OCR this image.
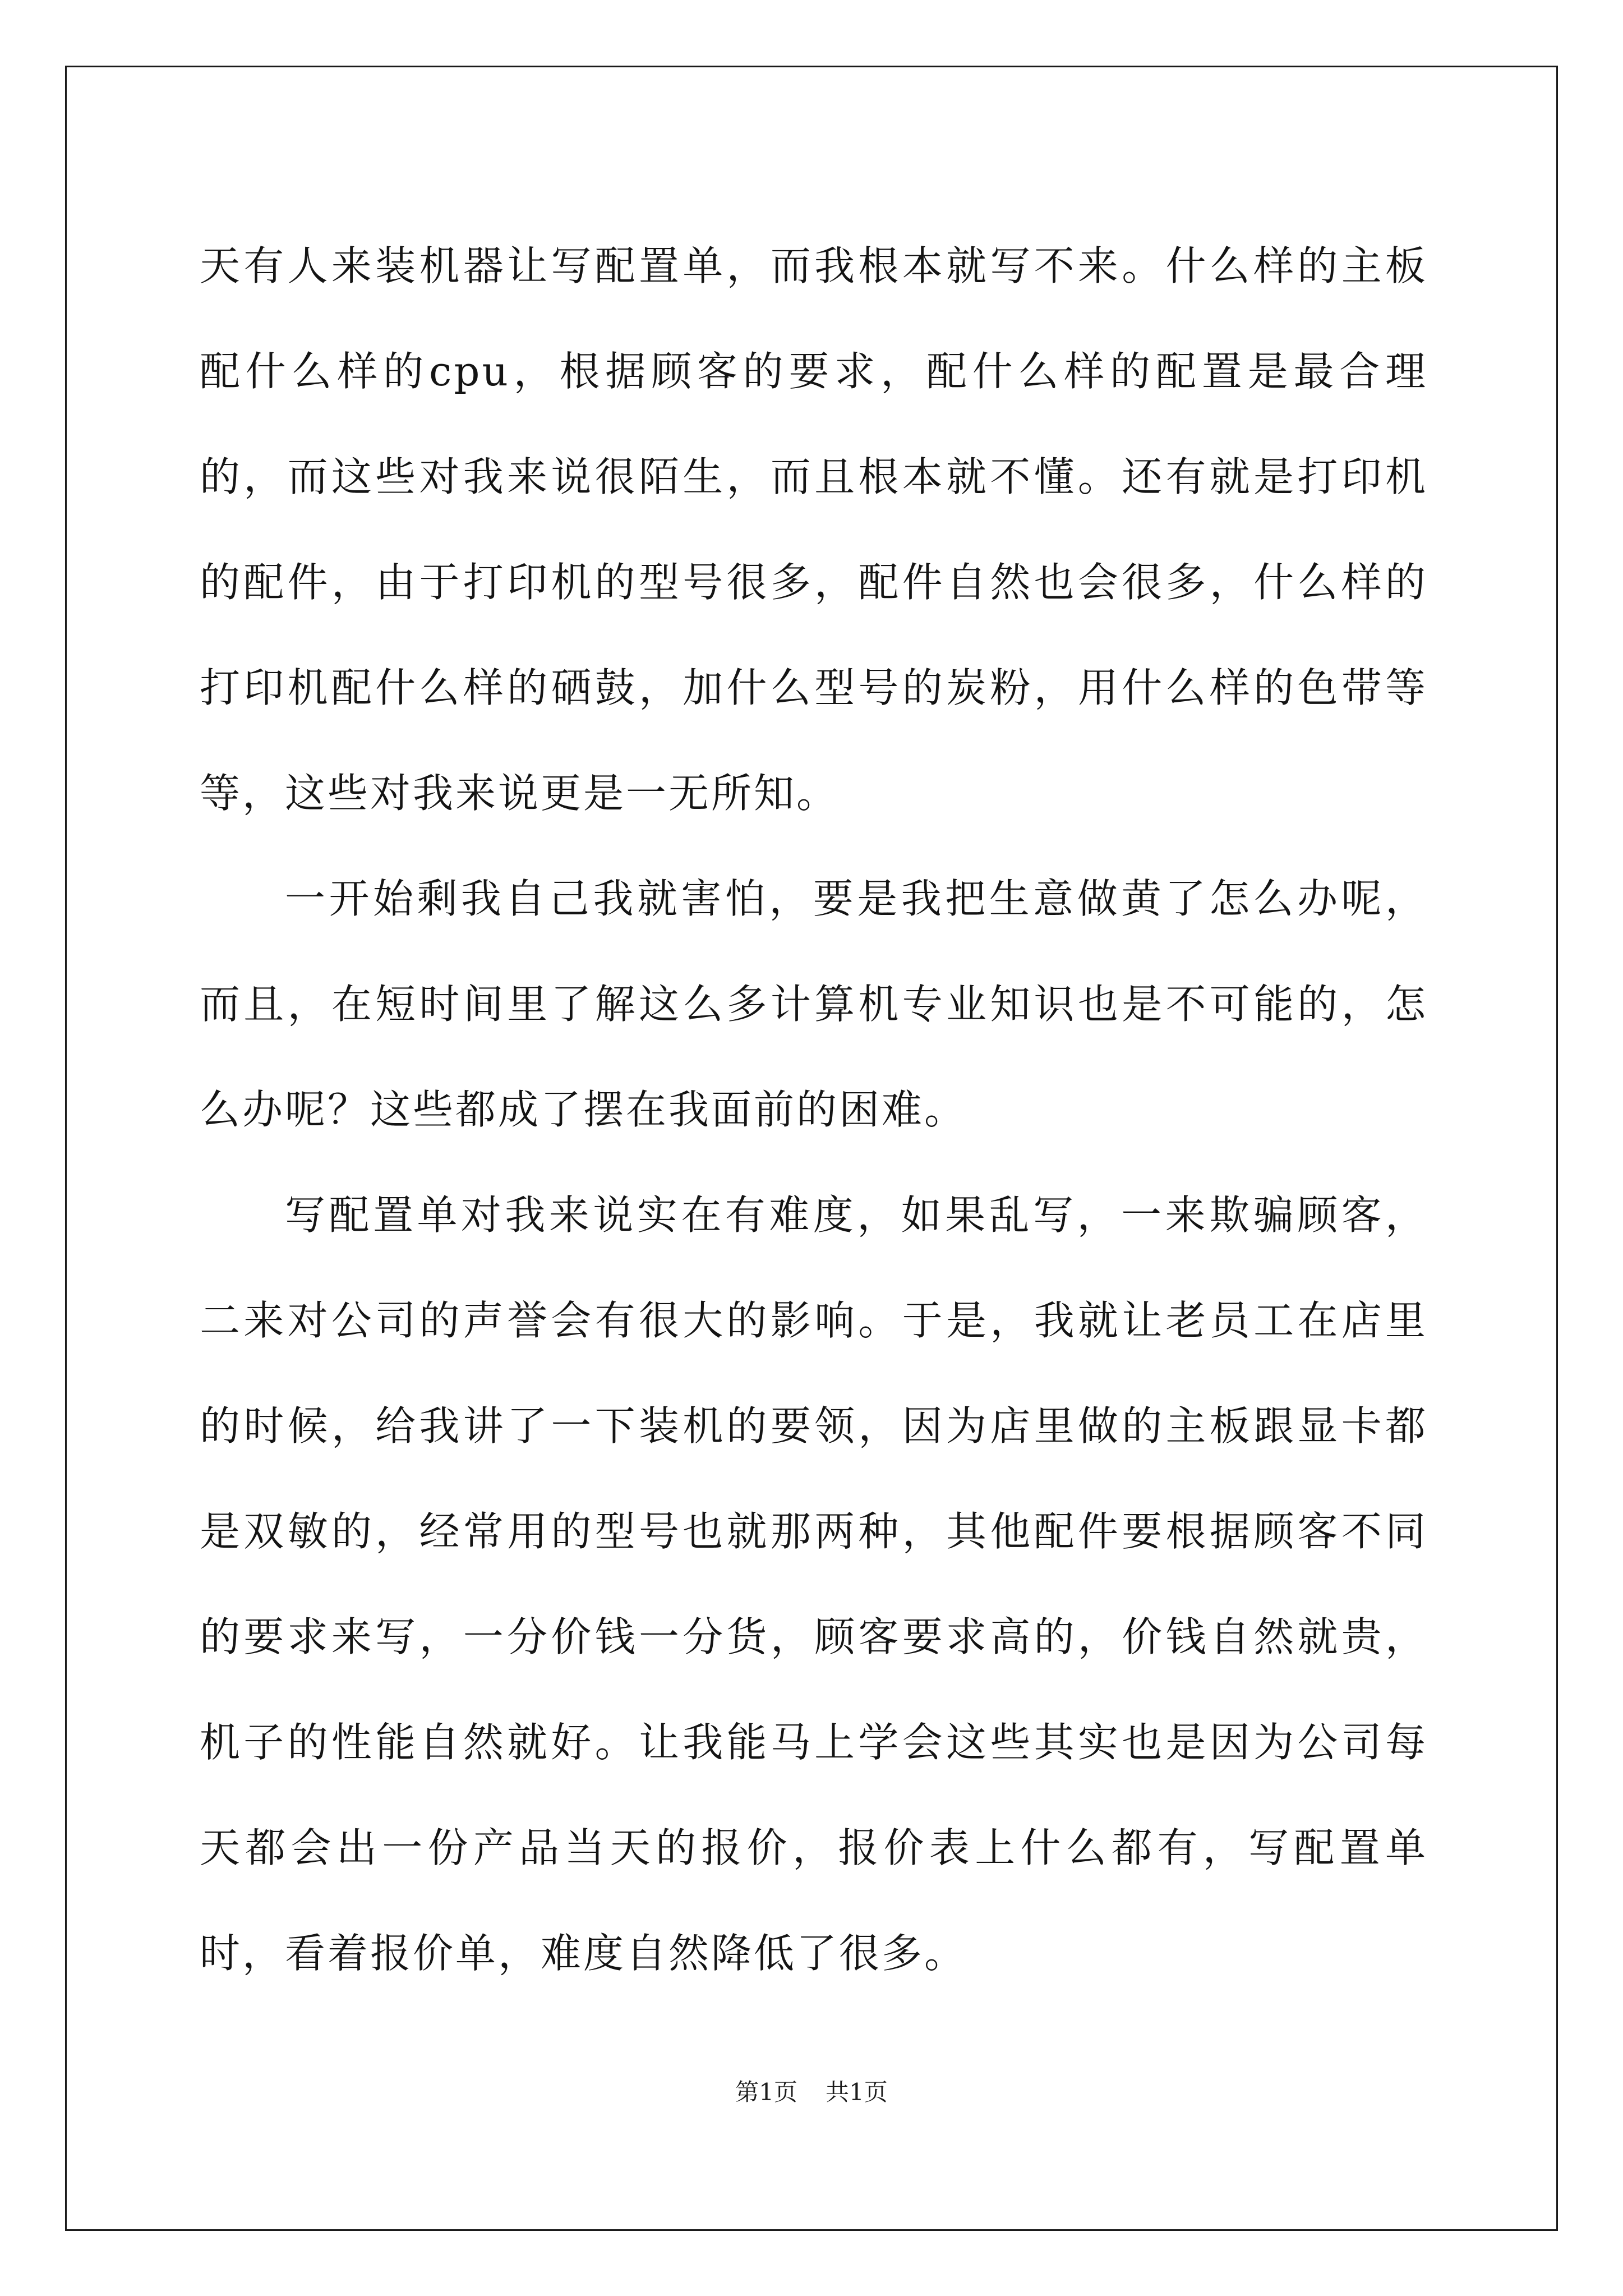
天有人来装机器让写配置单，而我根本就写不来。什么样的主板配什么样的cpu，根据顾客的要求，配什么样的配置是最合理的，而这些对我来说很陌生，而且根本就不懂。还有就是打印机的配件，由于打印机的型号很多，配件自然也会很多，什么样的打印机配什么样的硒鼓，加什么型号的炭粉，用什么样的色带等等，这些对我来说更是一无所知。

一开始剩我自己我就害怕，要是我把生意做黄了怎么办呢，而且，在短时间里了解这么多计算机专业知识也是不可能的，怎么办呢？这些都成了摆在我面前的困难。

写配置单对我来说实在有难度，如果乱写，一来欺骗顾客，二来对公司的声誉会有很大的影响。于是，我就让老员工在店里的时候，给我讲了一下装机的要领，因为店里做的主板跟显卡都是双敏的，经常用的型号也就那两种，其他配件要根据顾客不同的要求来写，一分价钱一分货，顾客要求高的，价钱自然就贵，机子的性能自然就好。让我能马上学会这些其实也是因为公司每天都会出一份产品当天的报价，报价表上什么都有，写配置单时，看着报价单，难度自然降低了很多。

第1页 共1页
